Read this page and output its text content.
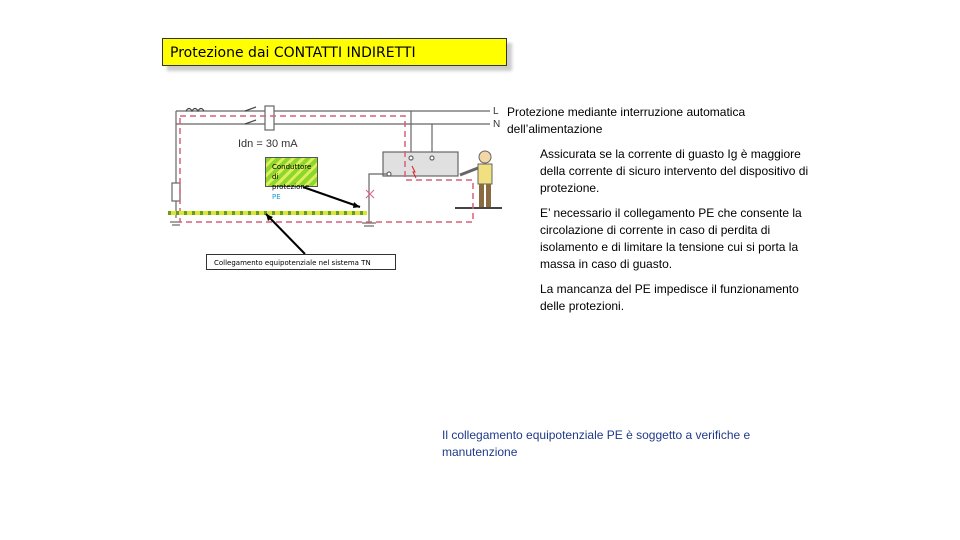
Protezione dai CONTATTI INDIRETTI
Idn = 30 mA
L
N
Conduttore di protezione PE
Collegamento equipotenziale nel sistema TN
Protezione mediante interruzione automatica dell’alimentazione
Assicurata se la corrente di guasto Ig è maggiore della corrente di sicuro intervento del dispositivo di protezione.
E’ necessario il collegamento PE che consente la circolazione di corrente in caso di perdita di isolamento e di limitare la tensione cui si porta la massa in caso di guasto.
La mancanza del PE impedisce il funzionamento delle protezioni.
Il collegamento equipotenziale PE è soggetto a verifiche e manutenzione
